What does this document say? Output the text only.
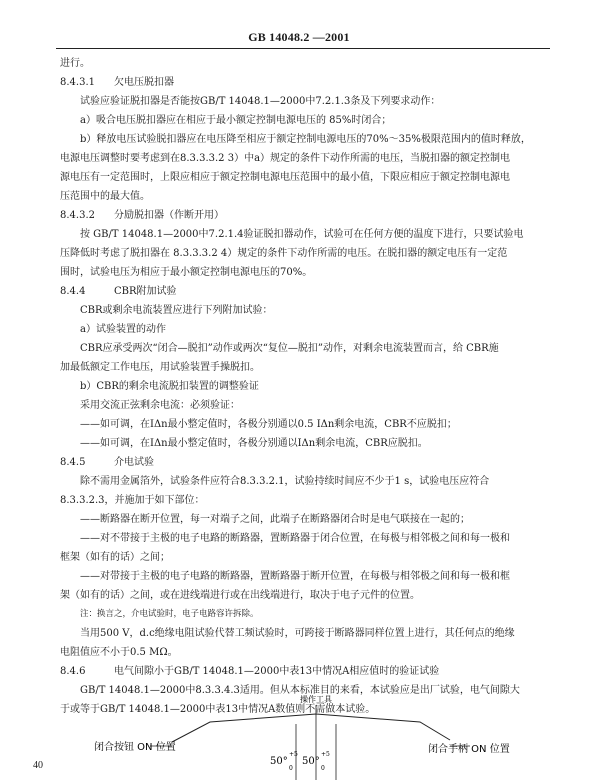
GB 14048.2 —2001

进行。

8.4.3.1	欠电压脱扣器

试验应验证脱扣器是否能按GB/T 14048.1—2000中7.2.1.3条及下列要求动作：

a）吸合电压脱扣器应在相应于最小额定控制电源电压的 85%时闭合；

b）释放电压试验脱扣器应在电压降至相应于额定控制电源电压的70%～35%极限范围内的值时释放，

电源电压调整时要考虑到在8.3.3.3.2 3）中a）规定的条件下动作所需的电压，当脱扣器的额定控制电

源电压有一定范围时，上限应相应于额定控制电源电压范围中的最小值，下限应相应于额定控制电源电

压范围中的最大值。

8.4.3.2	分励脱扣器（作断开用）

按 GB/T 14048.1—2000中7.2.1.4验证脱扣器动作，试验可在任何方便的温度下进行，只要试验电

压降低时考虑了脱扣器在 8.3.3.3.2 4）规定的条件下动作所需的电压。在脱扣器的额定电压有一定范

围时，试验电压为相应于最小额定控制电源电压的70%。

8.4.4	CBR附加试验

CBR或剩余电流装置应进行下列附加试验：

a）试验装置的动作

CBR应承受两次“闭合—脱扣”动作或两次“复位—脱扣”动作，对剩余电流装置而言，给 CBR施

加最低额定工作电压，用试验装置手操脱扣。

b）CBR的剩余电流脱扣装置的调整验证

采用交流正弦剩余电流：必须验证：

——如可调，在IΔn最小整定值时，各极分别通以0.5 IΔn剩余电流，CBR不应脱扣；

——如可调，在IΔn最小整定值时，各极分别通以IΔn剩余电流，CBR应脱扣。

8.4.5	介电试验

除不需用金属箔外，试验条件应符合8.3.3.2.1，试验持续时间应不少于1 s，试验电压应符合

8.3.3.2.3，并施加于如下部位：

——断路器在断开位置，每一对端子之间，此端子在断路器闭合时是电气联接在一起的；

——对不带接于主极的电子电路的断路器，置断路器于闭合位置，在每极与相邻极之间和每一极和

框架（如有的话）之间；

——对带接于主极的电子电路的断路器，置断路器于断开位置，在每极与相邻极之间和每一极和框

架（如有的话）之间，或在进线端进行或在出线端进行，取决于电子元件的位置。

注：换言之，介电试验时，电子电路容许拆除。

当用500 V，d.c绝缘电阻试验代替工频试验时，可跨接于断路器同样位置上进行，其任何点的绝缘

电阻值应不小于0.5 MΩ。

8.4.6	电气间隙小于GB/T 14048.1—2000中表13中情况A相应值时的验证试验

GB/T 14048.1—2000中8.3.3.4.3适用。但从本标准目的来看，本试验应是出厂试验，电气间隙大

于或等于GB/T 14048.1—2000中表13中情况A数值则不需做本试验。

操作工具
闭合按钮 ON 位置	闭合手柄 ON 位置
50°
+5
0
50°
+5
0
40
